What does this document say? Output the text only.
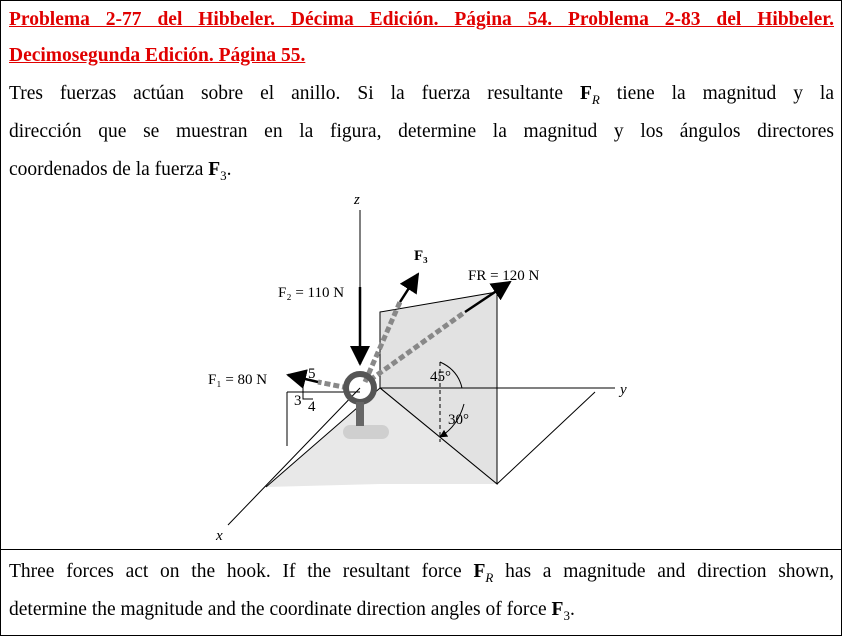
Problema 2-77 del Hibbeler. Décima Edición. Página 54. Problema 2-83 del Hibbeler.
Decimosegunda Edición. Página 55.
Tres fuerzas actúan sobre el anillo. Si la fuerza resultante $F_R$ tiene la magnitud y la
dirección que se muestran en la figura, determine la magnitud y los ángulos directores
coordenados de la fuerza $F_3$.
z
y
x
F₂ = 110 N
F₃
FR = 120 N
F₁ = 80 N	45°
30°
5
3 4
Three forces act on the hook. If the resultant force $F_R$ has a magnitude and direction shown,
determine the magnitude and the coordinate direction angles of force $F_3$.
